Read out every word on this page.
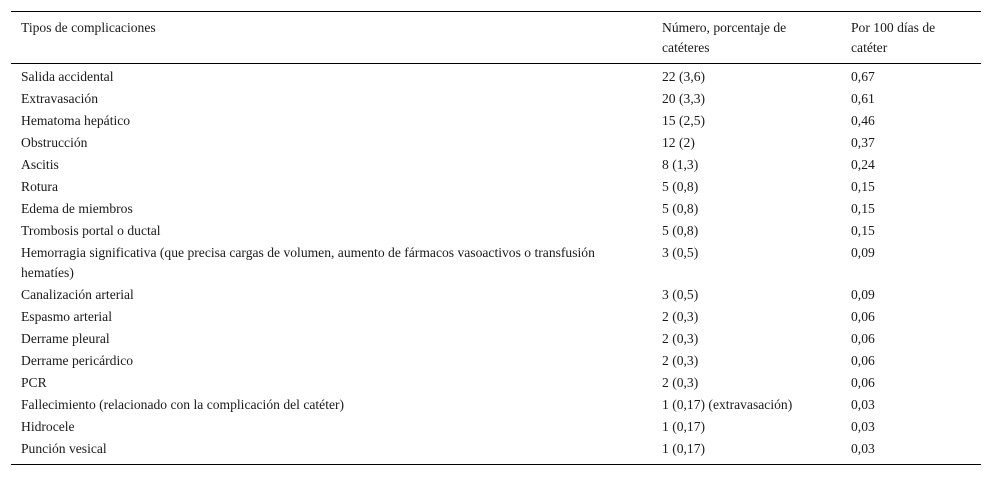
Tipos de complicaciones	Número, porcentaje de catéteres	Por 100 días de catéter
Salida accidental	22 (3,6)	0,67
Extravasación	20 (3,3)	0,61
Hematoma hepático	15 (2,5)	0,46
Obstrucción	12 (2)	0,37
Ascitis	8 (1,3)	0,24
Rotura	5 (0,8)	0,15
Edema de miembros	5 (0,8)	0,15
Trombosis portal o ductal	5 (0,8)	0,15
Hemorragia significativa (que precisa cargas de volumen, aumento de fármacos vasoactivos o transfusión hematíes)	3 (0,5)	0,09
Canalización arterial	3 (0,5)	0,09
Espasmo arterial	2 (0,3)	0,06
Derrame pleural	2 (0,3)	0,06
Derrame pericárdico	2 (0,3)	0,06
PCR	2 (0,3)	0,06
Fallecimiento (relacionado con la complicación del catéter)	1 (0,17) (extravasación)	0,03
Hidrocele	1 (0,17)	0,03
Punción vesical	1 (0,17)	0,03
